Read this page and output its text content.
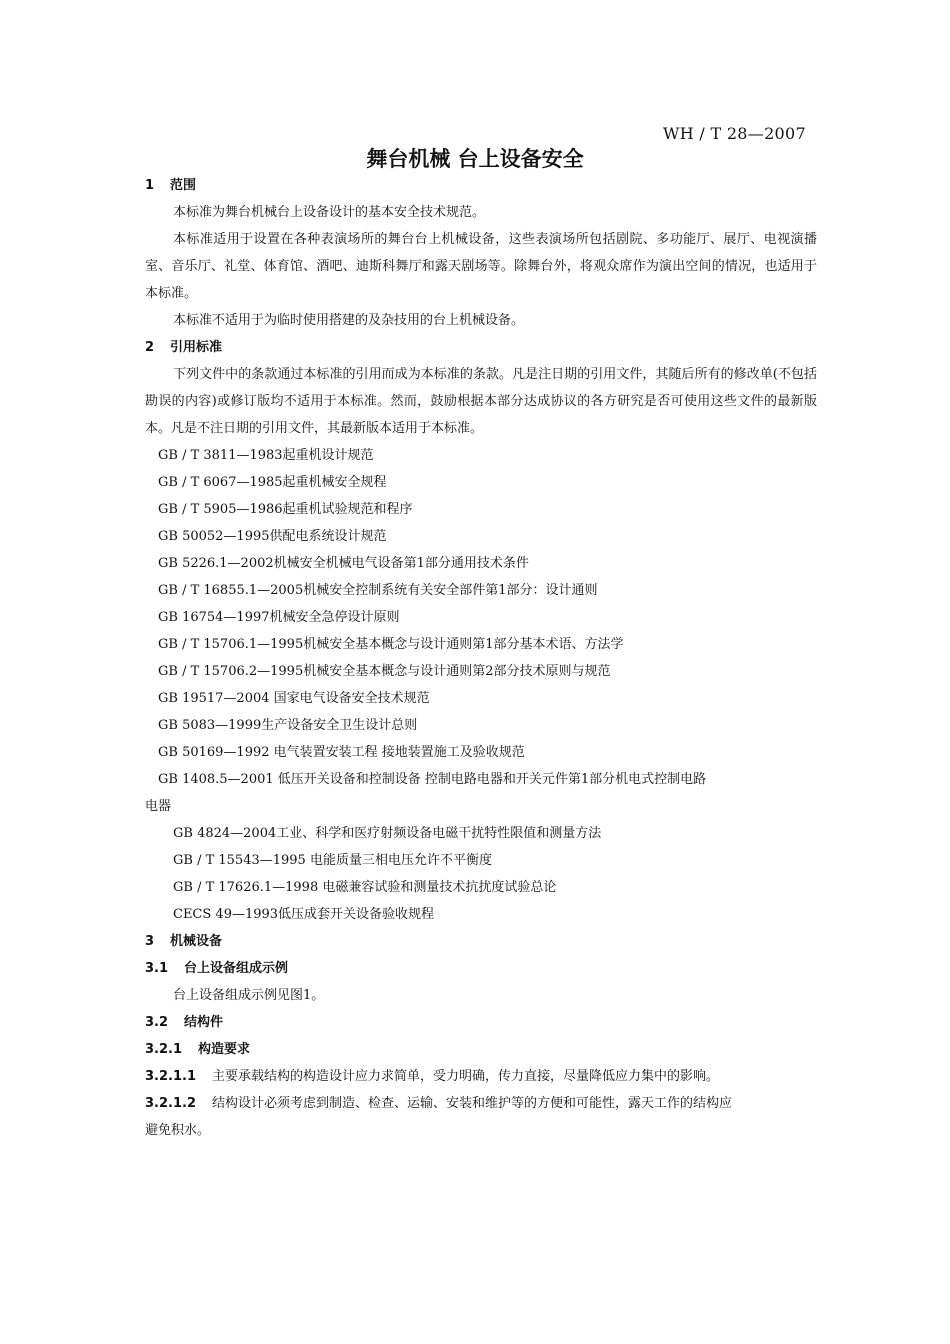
WH / T 28—2007
舞台机械 台上设备安全
1 范围
本标准为舞台机械台上设备设计的基本安全技术规范。
本标准适用于设置在各种表演场所的舞台台上机械设备，这些表演场所包括剧院、多功能厅、展厅、电视演播室、音乐厅、礼堂、体育馆、酒吧、迪斯科舞厅和露天剧场等。除舞台外，将观众席作为演出空间的情况，也适用于本标准。
本标准不适用于为临时使用搭建的及杂技用的台上机械设备。
2 引用标准
下列文件中的条款通过本标准的引用而成为本标准的条款。凡是注日期的引用文件，其随后所有的修改单(不包括勘误的内容)或修订版均不适用于本标准。然而，鼓励根据本部分达成协议的各方研究是否可使用这些文件的最新版本。凡是不注日期的引用文件，其最新版本适用于本标准。
GB / T 3811—1983起重机设计规范
GB / T 6067—1985起重机械安全规程
GB / T 5905—1986起重机试验规范和程序
GB 50052—1995供配电系统设计规范
GB 5226.1—2002机械安全机械电气设备第1部分通用技术条件
GB / T 16855.1—2005机械安全控制系统有关安全部件第1部分：设计通则
GB 16754—1997机械安全急停设计原则
GB / T 15706.1—1995机械安全基本概念与设计通则第1部分基本术语、方法学
GB / T 15706.2—1995机械安全基本概念与设计通则第2部分技术原则与规范
GB 19517—2004 国家电气设备安全技术规范
GB 5083—1999生产设备安全卫生设计总则
GB 50169—1992 电气装置安装工程 接地装置施工及验收规范
GB 1408.5—2001 低压开关设备和控制设备 控制电路电器和开关元件第1部分机电式控制电路
电器
GB 4824—2004工业、科学和医疗射频设备电磁干扰特性限值和测量方法
GB / T 15543—1995 电能质量三相电压允许不平衡度
GB / T 17626.1—1998 电磁兼容试验和测量技术抗扰度试验总论
CECS 49—1993低压成套开关设备验收规程
3 机械设备
3.1 台上设备组成示例
台上设备组成示例见图1。
3.2 结构件
3.2.1 构造要求
3.2.1.1 主要承载结构的构造设计应力求简单，受力明确，传力直接，尽量降低应力集中的影响。
3.2.1.2 结构设计必须考虑到制造、检查、运输、安装和维护等的方便和可能性，露天工作的结构应
避免积水。
